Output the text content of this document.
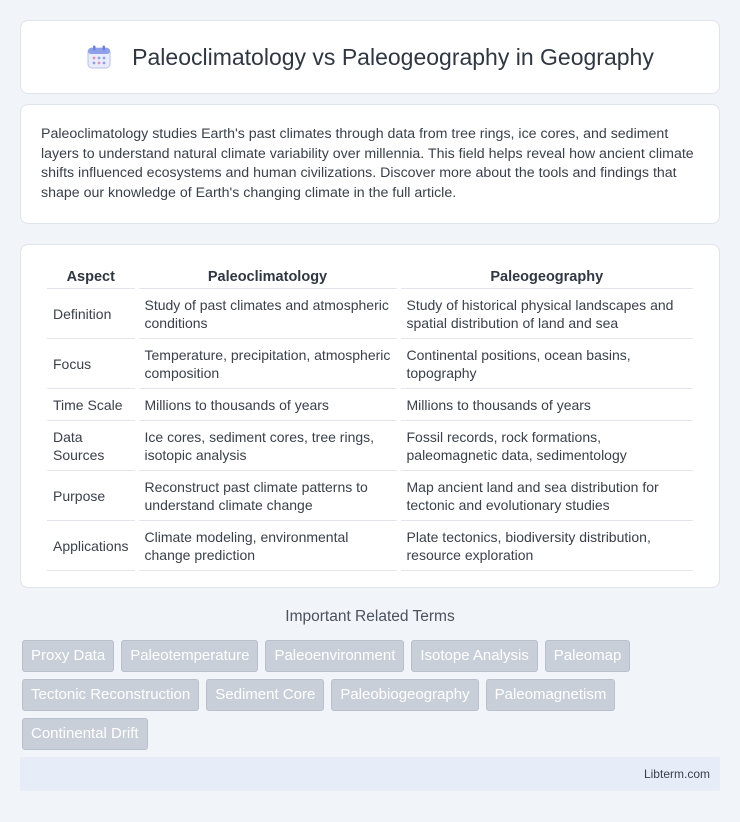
Paleoclimatology vs Paleogeography in Geography

Paleoclimatology studies Earth's past climates through data from tree rings, ice cores, and sediment layers to understand natural climate variability over millennia. This field helps reveal how ancient climate shifts influenced ecosystems and human civilizations. Discover more about the tools and findings that shape our knowledge of Earth's changing climate in the full article.

Aspect	Paleoclimatology	Paleogeography
Definition	Study of past climates and atmospheric conditions	Study of historical physical landscapes and spatial distribution of land and sea
Focus	Temperature, precipitation, atmospheric composition	Continental positions, ocean basins, topography
Time Scale	Millions to thousands of years	Millions to thousands of years
Data Sources	Ice cores, sediment cores, tree rings, isotopic analysis	Fossil records, rock formations, paleomagnetic data, sedimentology
Purpose	Reconstruct past climate patterns to understand climate change	Map ancient land and sea distribution for tectonic and evolutionary studies
Applications	Climate modeling, environmental change prediction	Plate tectonics, biodiversity distribution, resource exploration
Important Related Terms
Proxy Data	Paleotemperature	Paleoenvironment	Isotope Analysis	Paleomap
Tectonic Reconstruction	Sediment Core	Paleobiogeography	Paleomagnetism
Continental Drift
Libterm.com
